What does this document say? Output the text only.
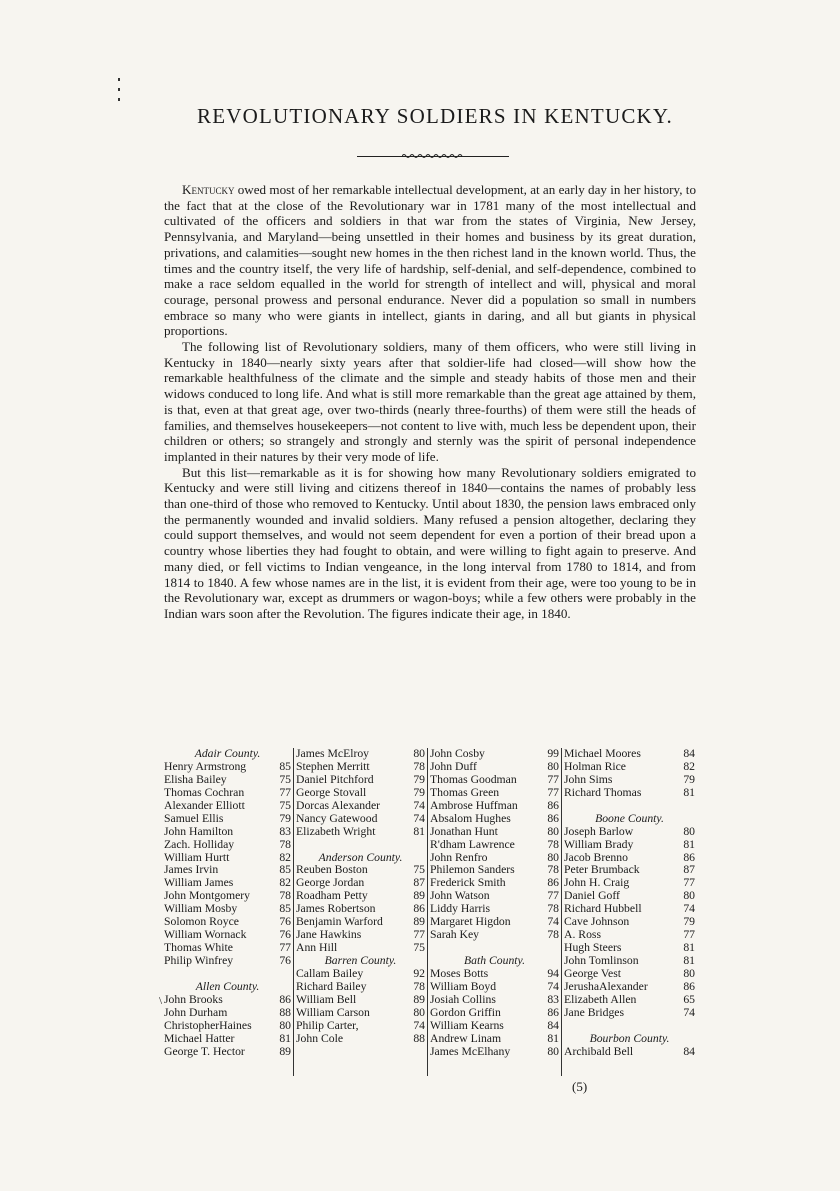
REVOLUTIONARY SOLDIERS IN KENTUCKY.

Kentucky owed most of her remarkable intellectual development, at an early day in her history, to the fact that at the close of the Revolutionary war in 1781 many of the most intellectual and cultivated of the officers and soldiers in that war from the states of Virginia, New Jersey, Pennsylvania, and Maryland—being unsettled in their homes and business by its great duration, privations, and calamities—sought new homes in the then richest land in the known world. Thus, the times and the country itself, the very life of hardship, self-denial, and self-dependence, combined to make a race seldom equalled in the world for strength of intellect and will, physical and moral courage, personal prowess and personal endurance. Never did a population so small in numbers embrace so many who were giants in intellect, giants in daring, and all but giants in physical proportions.

The following list of Revolutionary soldiers, many of them officers, who were still living in Kentucky in 1840—nearly sixty years after that soldier-life had closed—will show how the remarkable healthfulness of the climate and the simple and steady habits of those men and their widows conduced to long life. And what is still more remarkable than the great age attained by them, is that, even at that great age, over two-thirds (nearly three-fourths) of them were still the heads of families, and themselves housekeepers—not content to live with, much less be dependent upon, their children or others; so strangely and strongly and sternly was the spirit of personal independence implanted in their natures by their very mode of life.

But this list—remarkable as it is for showing how many Revolutionary soldiers emigrated to Kentucky and were still living and citizens thereof in 1840—contains the names of probably less than one-third of those who removed to Kentucky. Until about 1830, the pension laws embraced only the permanently wounded and invalid soldiers. Many refused a pension altogether, declaring they could support themselves, and would not seem dependent for even a portion of their bread upon a country whose liberties they had fought to obtain, and were willing to fight again to preserve. And many died, or fell victims to Indian vengeance, in the long interval from 1780 to 1814, and from 1814 to 1840. A few whose names are in the list, it is evident from their age, were too young to be in the Revolutionary war, except as drummers or wagon-boys; while a few others were probably in the Indian wars soon after the Revolution. The figures indicate their age, in 1840.

Adair County.
Henry Armstrong	85
Elisha Bailey	75
Thomas Cochran	77
Alexander Elliott	75
Samuel Ellis	79
John Hamilton	83
Zach. Holliday	78
William Hurtt	82
James Irvin	85
William James	82
John Montgomery	78
William Mosby	85
Solomon Royce	76
William Wornack	76
Thomas White	77
Philip Winfrey	76
Allen County.
John Brooks	86
John Durham	88
ChristopherHaines 80
Michael Hatter	81
George T. Hector	89
James McElroy	80
Stephen Merritt	78
Daniel Pitchford	79
George Stovall	79
Dorcas Alexander	74
Nancy Gatewood	74
Elizabeth Wright	81
Anderson County.
Reuben Boston	75
George Jordan	87
Roadham Petty	89
James Robertson	86
Benjamin Warford	89
Jane Hawkins	77
Ann Hill	75
Barren County.
Callam Bailey	92
Richard Bailey	78
William Bell	89
William Carson	80
Philip Carter,	74
John Cole	88
John Cosby	99
John Duff	80
Thomas Goodman	77
Thomas Green	77
Ambrose Huffman	86
Absalom Hughes	86
Jonathan Hunt	80
R'dham Lawrence	78
John Renfro	80
Philemon Sanders	78
Frederick Smith	86
John Watson	77
Liddy Harris	78
Margaret Higdon	74
Sarah Key	78
Bath County.
Moses Botts	94
William Boyd	74
Josiah Collins	83
Gordon Griffin	86
William Kearns	84
Andrew Linam	81
James McElhany	80
Michael Moores	84
Holman Rice	82
John Sims	79
Richard Thomas	81
Boone County.
Joseph Barlow	80
William Brady	81
Jacob Brenno	86
Peter Brumback	87
John H. Craig	77
Daniel Goff	80
Richard Hubbell	74
Cave Johnson	79
A. Ross	77
Hugh Steers	81
John Tomlinson	81
George Vest	80
JerushaAlexander	86
Elizabeth Allen	65
Jane Bridges	74
Bourbon County.
Archibald Bell	84
\
(5)
